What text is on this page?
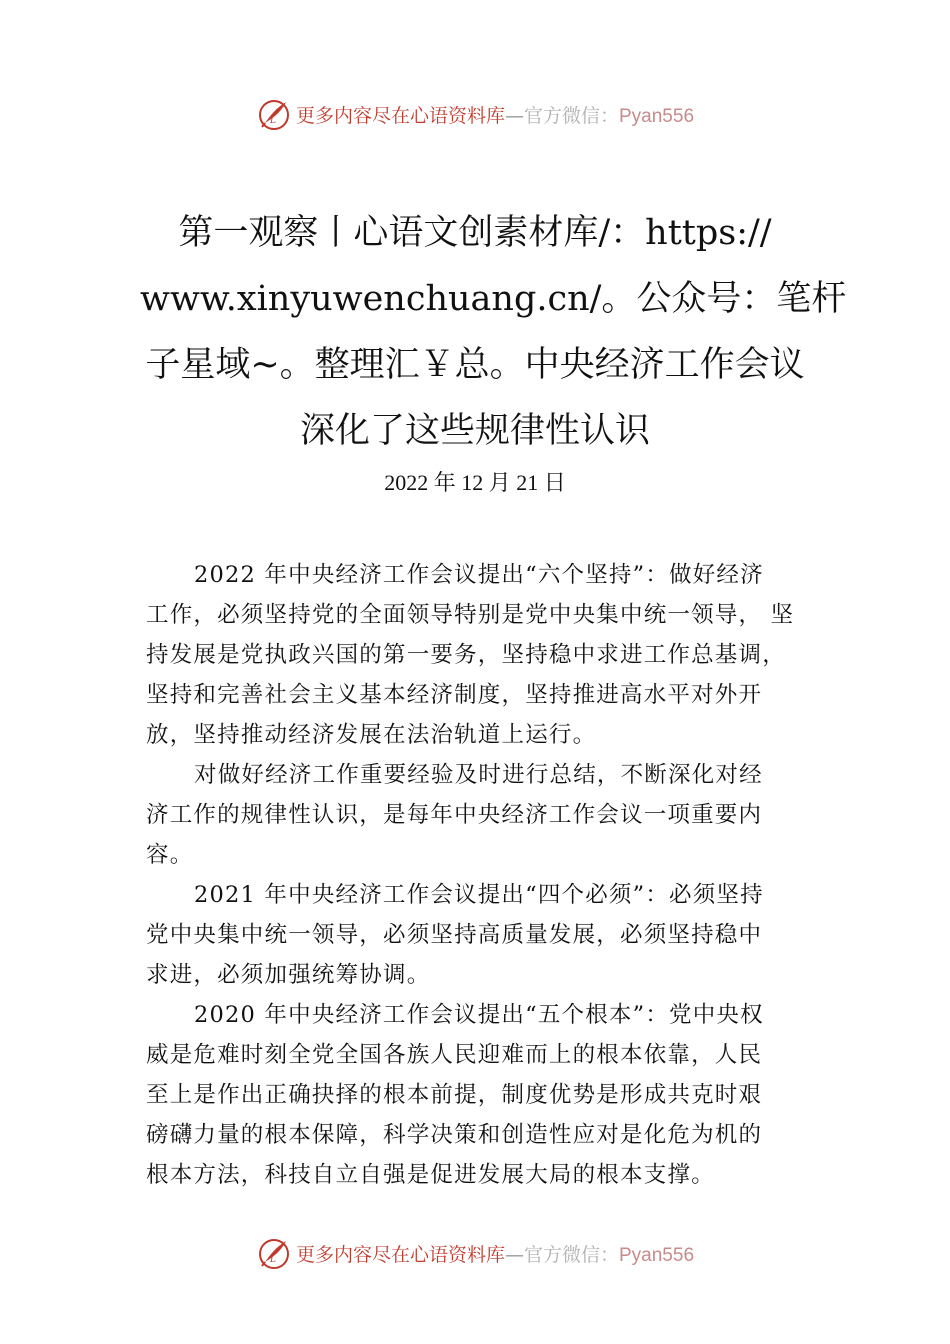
L 更多内容尽在心语资料库—官方微信：Pyan556
第一观察丨心语文创素材库/：https://
www.xinyuwenchuang.cn/。公众号：笔杆
子星域~。整理汇￥总。中央经济工作会议
深化了这些规律性认识
2022 年 12 月 21 日

2022 年中央经济工作会议提出“六个坚持”：做好经济
工作，必须坚持党的全面领导特别是党中央集中统一领导， 坚
持发展是党执政兴国的第一要务，坚持稳中求进工作总基调，
坚持和完善社会主义基本经济制度，坚持推进高水平对外开
放，坚持推动经济发展在法治轨道上运行。

对做好经济工作重要经验及时进行总结，不断深化对经
济工作的规律性认识，是每年中央经济工作会议一项重要内
容。

2021 年中央经济工作会议提出“四个必须”：必须坚持
党中央集中统一领导，必须坚持高质量发展，必须坚持稳中
求进，必须加强统筹协调。

2020 年中央经济工作会议提出“五个根本”：党中央权
威是危难时刻全党全国各族人民迎难而上的根本依靠，人民
至上是作出正确抉择的根本前提，制度优势是形成共克时艰
磅礴力量的根本保障，科学决策和创造性应对是化危为机的
根本方法，科技自立自强是促进发展大局的根本支撑。

L 更多内容尽在心语资料库—官方微信：Pyan556
